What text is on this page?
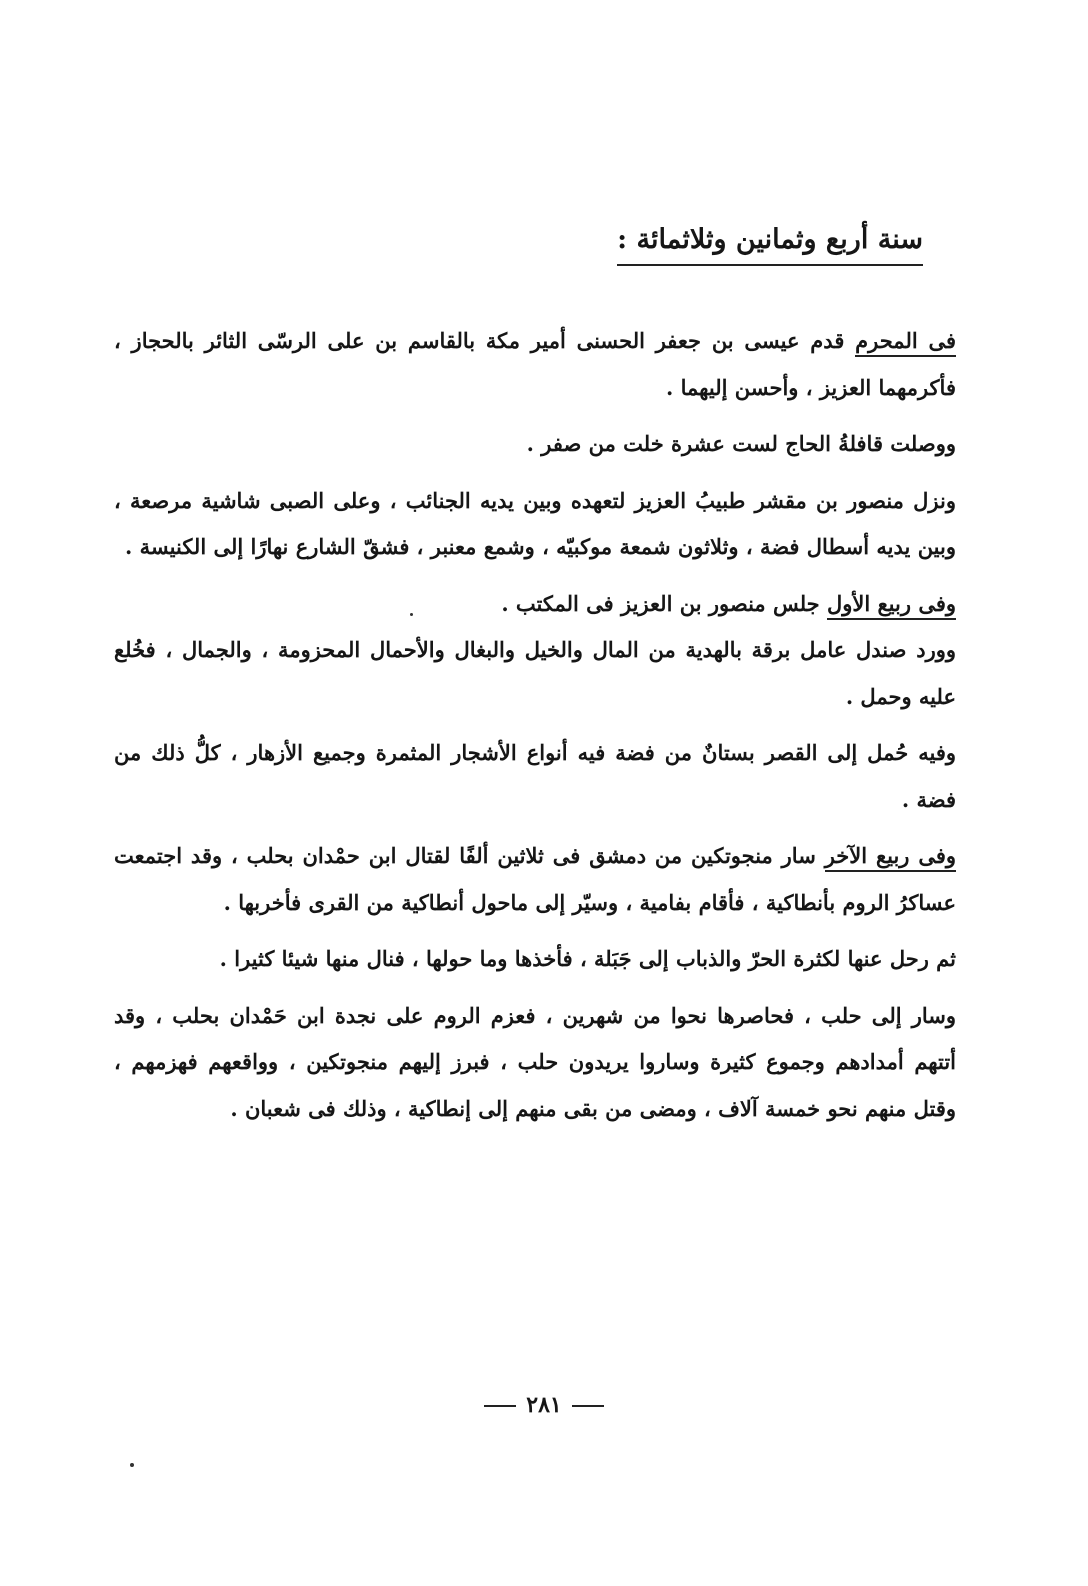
سنة أربع وثمانين وثلاثمائة :

فى المحرم قدم عيسى بن جعفر الحسنى أمير مكة بالقاسم بن على الرسّى الثائر بالحجاز ، فأكرمهما العزيز ، وأحسن إليهما .

ووصلت قافلةُ الحاج لست عشرة خلت من صفر .

ونزل منصور بن مقشر طبيبُ العزيز لتعهده وبين يديه الجنائب ، وعلى الصبى شاشية مرصعة ، وبين يديه أسطال فضة ، وثلاثون شمعة موكبيّه ، وشمع معنبر ، فشقّ الشارع نهارًا إلى الكنيسة .

وفى ربيع الأول جلس منصور بن العزيز فى المكتب .

وورد صندل عامل برقة بالهدية من المال والخيل والبغال والأحمال المحزومة ، والجمال ، فخُلع عليه وحمل .

وفيه حُمل إلى القصر بستانٌ من فضة فيه أنواع الأشجار المثمرة وجميع الأزهار ، كلُّ ذلك من فضة .

وفى ربيع الآخر سار منجوتكين من دمشق فى ثلاثين ألفًا لقتال ابن حمْدان بحلب ، وقد اجتمعت عساكرُ الروم بأنطاكية ، فأقام بفامية ، وسيّر إلى ماحول أنطاكية من القرى فأخربها .

ثم رحل عنها لكثرة الحرّ والذباب إلى جَبَلة ، فأخذها وما حولها ، فنال منها شيئا كثيرا .

وسار إلى حلب ، فحاصرها نحوا من شهرين ، فعزم الروم على نجدة ابن حَمْدان بحلب ، وقد أتتهم أمدادهم وجموع كثيرة وساروا يريدون حلب ، فبرز إليهم منجوتكين ، وواقعهم فهزمهم ، وقتل منهم نحو خمسة آلاف ، ومضى من بقى منهم إلى إنطاكية ، وذلك فى شعبان .

٢٨١
